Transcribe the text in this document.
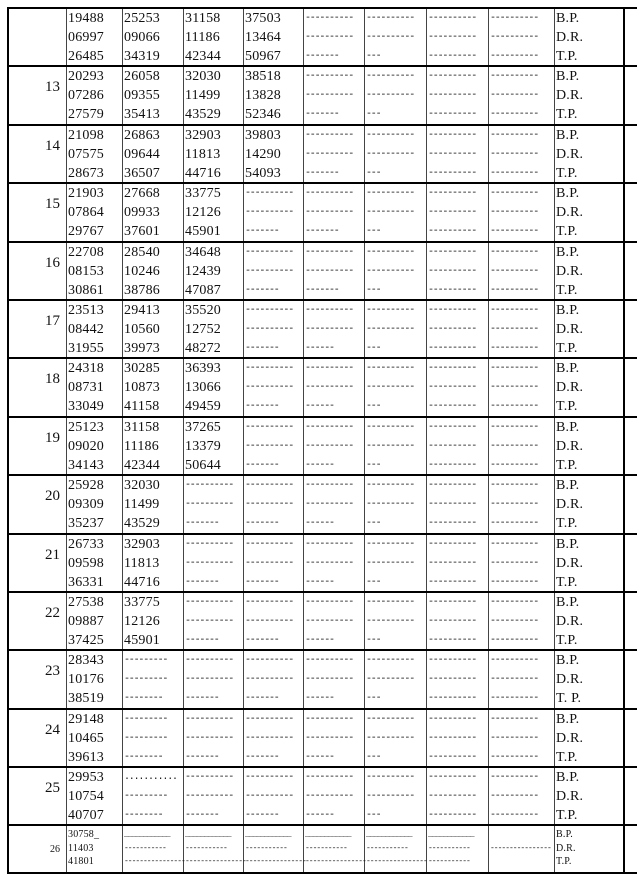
19488
06997
26485
25253
09066
34319
31158
11186
42344
37503
13464
50967
----------
----------
-------
----------
----------
---
----------
----------
----------
----------
----------
----------
B.P.
D.R.
T.P.
13
20293
07286
27579
26058
09355
35413
32030
11499
43529
38518
13828
52346
----------
----------
-------
----------
----------
---
----------
----------
----------
----------
----------
----------
B.P.
D.R.
T.P.
14
21098
07575
28673
26863
09644
36507
32903
11813
44716
39803
14290
54093
----------
----------
-------
----------
----------
---
----------
----------
----------
----------
----------
----------
B.P.
D.R.
T.P.
15
21903
07864
29767
27668
09933
37601
33775
12126
45901
----------
----------
-------
----------
----------
-------
----------
----------
---
----------
----------
----------
----------
----------
----------
B.P.
D.R.
T.P.
16
22708
08153
30861
28540
10246
38786
34648
12439
47087
----------
----------
-------
----------
----------
-------
----------
----------
---
----------
----------
----------
----------
----------
----------
B.P.
D.R.
T.P.
17
23513
08442
31955
29413
10560
39973
35520
12752
48272
----------
----------
-------
----------
----------
------
----------
----------
---
----------
----------
----------
----------
----------
----------
B.P.
D.R.
T.P.
18
24318
08731
33049
30285
10873
41158
36393
13066
49459
----------
----------
-------
----------
----------
------
----------
----------
---
----------
----------
----------
----------
----------
----------
B.P.
D.R.
T.P.
19
25123
09020
34143
31158
11186
42344
37265
13379
50644
----------
----------
-------
----------
----------
------
----------
----------
---
----------
----------
----------
----------
----------
----------
B.P.
D.R.
T.P.
20
25928
09309
35237
32030
11499
43529
----------
----------
-------
----------
----------
-------
----------
----------
------
----------
----------
---
----------
----------
----------
----------
----------
----------
B.P.
D.R.
T.P.
21
26733
09598
36331
32903
11813
44716
----------
----------
-------
----------
----------
-------
----------
----------
------
----------
----------
---
----------
----------
----------
----------
----------
----------
B.P.
D.R.
T.P.
22
27538
09887
37425
33775
12126
45901
----------
----------
-------
----------
----------
-------
----------
----------
------
----------
----------
---
----------
----------
----------
----------
----------
----------
B.P.
D.R.
T.P.
23
28343
10176
38519
---------
---------
--------
----------
----------
-------
----------
----------
-------
----------
----------
------
----------
----------
---
----------
----------
----------
----------
----------
----------
B.P.
D.R.
T. P.
24
29148
10465
39613
---------
---------
--------
----------
----------
-------
----------
----------
-------
----------
----------
------
----------
----------
---
----------
----------
----------
----------
----------
----------
B.P.
D.R.
T.P.
25
29953
10754
40707
...........
---------
--------
----------
----------
-------
----------
----------
-------
----------
----------
------
----------
----------
---
----------
----------
----------
----------
----------
----------
B.P.
D.R.
T.P.
26
30758_
11403
41801
____________
-----------
----------------
____________
-----------
----------------
____________
-----------
----------------
____________
-----------
----------------
____________
-----------
----------------
____________
-----------
-----------
----------------
B.P.
D.R.
T.P.
